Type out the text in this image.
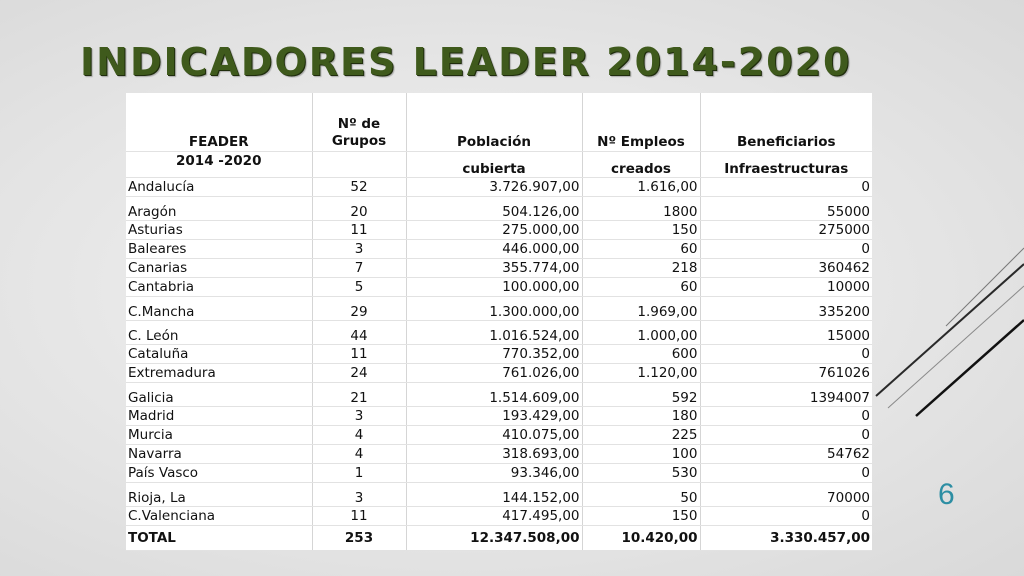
INDICADORES LEADER 2014-2020
FEADER	Nº de Grupos	Población	Nº Empleos	Beneficiarios
2014 -2020		cubierta	creados	Infraestructuras
Andalucía	52	3.726.907,00	1.616,00	0
Aragón	20	504.126,00	1800	55000
Asturias	11	275.000,00	150	275000
Baleares	3	446.000,00	60	0
Canarias	7	355.774,00	218	360462
Cantabria	5	100.000,00	60	10000
C.Mancha	29	1.300.000,00	1.969,00	335200
C. León	44	1.016.524,00	1.000,00	15000
Cataluña	11	770.352,00	600	0
Extremadura	24	761.026,00	1.120,00	761026
Galicia	21	1.514.609,00	592	1394007
Madrid	3	193.429,00	180	0
Murcia	4	410.075,00	225	0
Navarra	4	318.693,00	100	54762
País Vasco	1	93.346,00	530	0
Rioja, La	3	144.152,00	50	70000
C.Valenciana	11	417.495,00	150	0
TOTAL	253	12.347.508,00	10.420,00	3.330.457,00
6
